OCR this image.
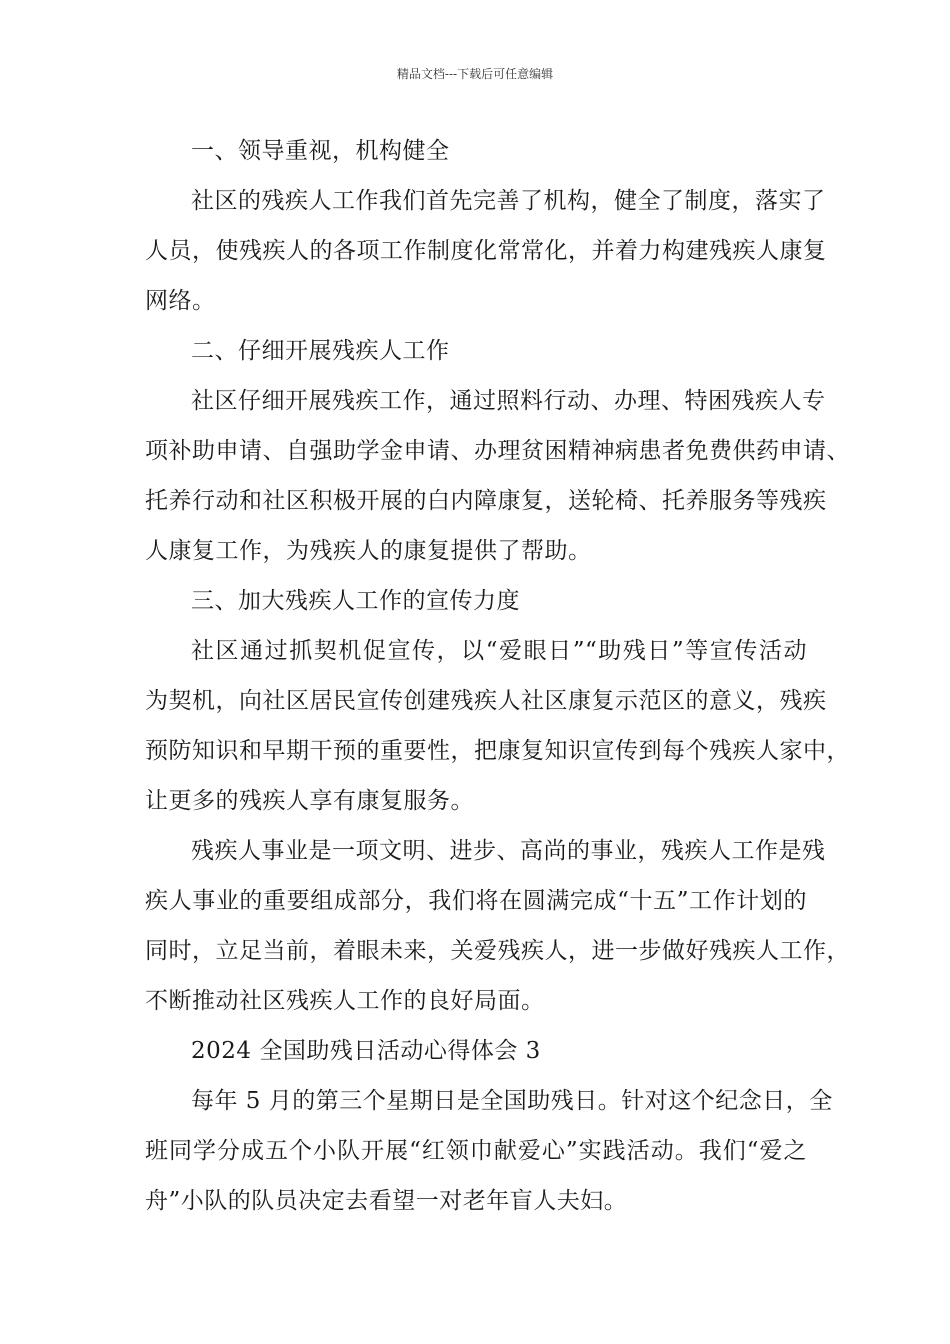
精品文档---下载后可任意编辑
一、领导重视，机构健全
社区的残疾人工作我们首先完善了机构，健全了制度，落实了
人员，使残疾人的各项工作制度化常常化，并着力构建残疾人康复
网络。
二、仔细开展残疾人工作
社区仔细开展残疾工作，通过照料行动、办理、特困残疾人专
项补助申请、自强助学金申请、办理贫困精神病患者免费供药申请、
托养行动和社区积极开展的白内障康复，送轮椅、托养服务等残疾
人康复工作，为残疾人的康复提供了帮助。
三、加大残疾人工作的宣传力度
社区通过抓契机促宣传，以“爱眼日”“助残日”等宣传活动
为契机，向社区居民宣传创建残疾人社区康复示范区的意义，残疾
预防知识和早期干预的重要性，把康复知识宣传到每个残疾人家中，
让更多的残疾人享有康复服务。
残疾人事业是一项文明、进步、高尚的事业，残疾人工作是残
疾人事业的重要组成部分，我们将在圆满完成“十五”工作计划的
同时，立足当前，着眼未来，关爱残疾人，进一步做好残疾人工作，
不断推动社区残疾人工作的良好局面。
2024 全国助残日活动心得体会 3
每年 5 月的第三个星期日是全国助残日。针对这个纪念日，全
班同学分成五个小队开展“红领巾献爱心”实践活动。我们“爱之
舟”小队的队员决定去看望一对老年盲人夫妇。
